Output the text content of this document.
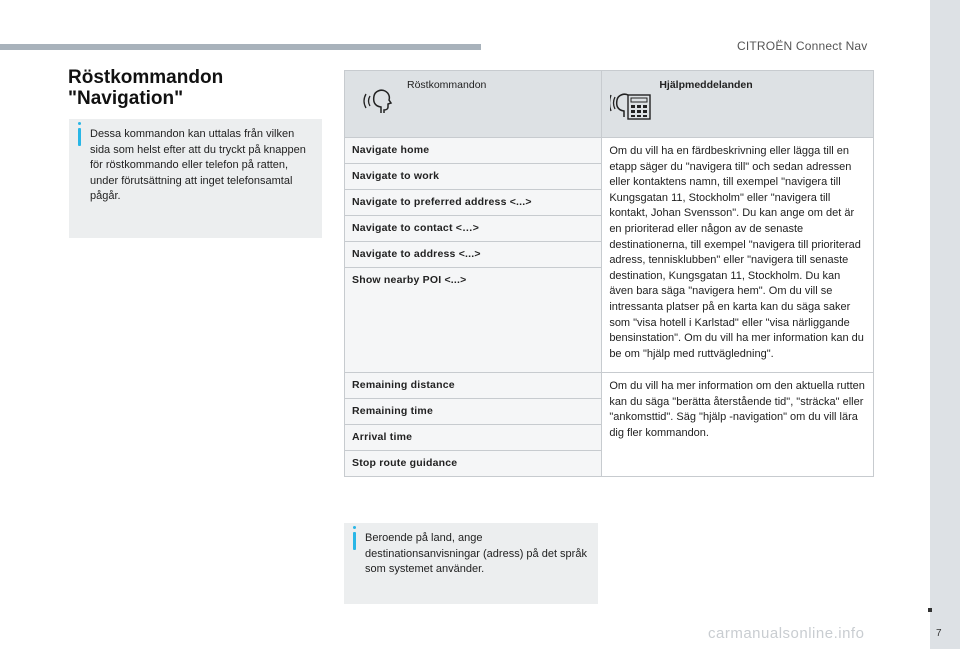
CITROËN Connect Nav
Röstkommandon
"Navigation"
Dessa kommandon kan uttalas från vilken sida som helst efter att du tryckt på knappen för röstkommando eller telefon på ratten, under förutsättning att inget telefonsamtal pågår.
Röstkommandon	Hjälpmeddelanden

Navigate home	Om du vill ha en färdbeskrivning eller lägga till en etapp säger du "navigera till" och sedan adressen eller kontaktens namn, till exempel "navigera till Kungsgatan 11, Stockholm" eller "navigera till kontakt, Johan Svensson". Du kan ange om det är en prioriterad eller någon av de senaste destinationerna, till exempel "navigera till prioriterad adress, tennisklubben" eller "navigera till senaste destination, Kungsgatan 11, Stockholm. Du kan även bara säga "navigera hem". Om du vill se intressanta platser på en karta kan du säga saker som "visa hotell i Karlstad" eller "visa närliggande bensinstation". Om du vill ha mer information kan du be om "hjälp med ruttvägledning".
Navigate to work	
Navigate to preferred address <...>	
Navigate to contact <…>	
Navigate to address <...>	
Show nearby POI <...>	
Remaining distance	Om du vill ha mer information om den aktuella rutten kan du säga "berätta återstående tid", "sträcka" eller "ankomsttid". Säg "hjälp -navigation" om du vill lära dig fler kommandon.
Remaining time	
Arrival time	
Stop route guidance	
Beroende på land, ange destinationsanvisningar (adress) på det språk som systemet använder.
7
carmanualsonline.info
